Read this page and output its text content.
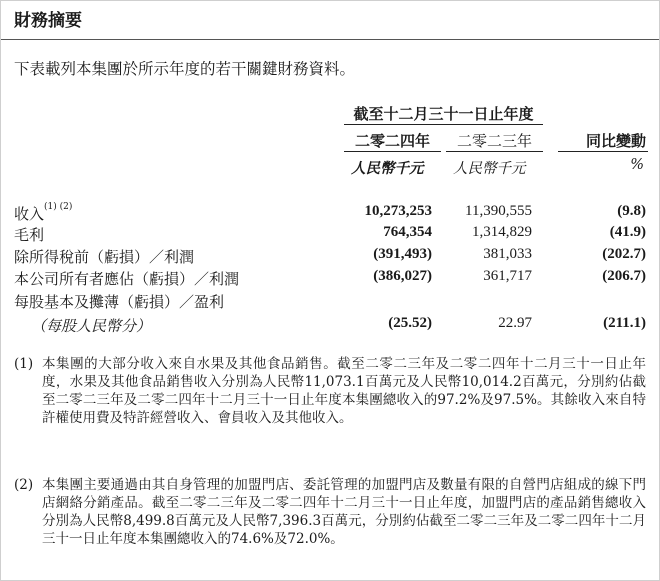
財務摘要
下表載列本集團於所示年度的若干關鍵財務資料。
截至十二月三十一日止年度
二零二四年	二零二三年	同比變動
人民幣千元 人民幣千元	%
收入$^{(1) (2)}$	10,273,253 11,390,555	(9.8)
毛利	764,354	1,314,829	(41.9)
除所得稅前（虧損）／利潤	(391,493)	381,033	(202.7)
本公司所有者應佔（虧損）／利潤	(386,027)	361,717	(206.7)
每股基本及攤薄（虧損）／盈利
（每股人民幣分）	(25.52)	22.97	(211.1)
(1) 本集團的大部分收入來自水果及其他食品銷售。截至二零二三年及二零二四年十二月三十一日止年度，水果及其他食品銷售收入分別為人民幣11,073.1百萬元及人民幣10,014.2百萬元，分別約佔截至二零二三年及二零二四年十二月三十一日止年度本集團總收入的97.2%及97.5%。其餘收入來自特許權使用費及特許經營收入、會員收入及其他收入。
(2) 本集團主要通過由其自身管理的加盟門店、委託管理的加盟門店及數量有限的自營門店組成的線下門店網絡分銷產品。截至二零二三年及二零二四年十二月三十一日止年度，加盟門店的產品銷售總收入分別為人民幣8,499.8百萬元及人民幣7,396.3百萬元，分別約佔截至二零二三年及二零二四年十二月三十一日止年度本集團總收入的74.6%及72.0%。
